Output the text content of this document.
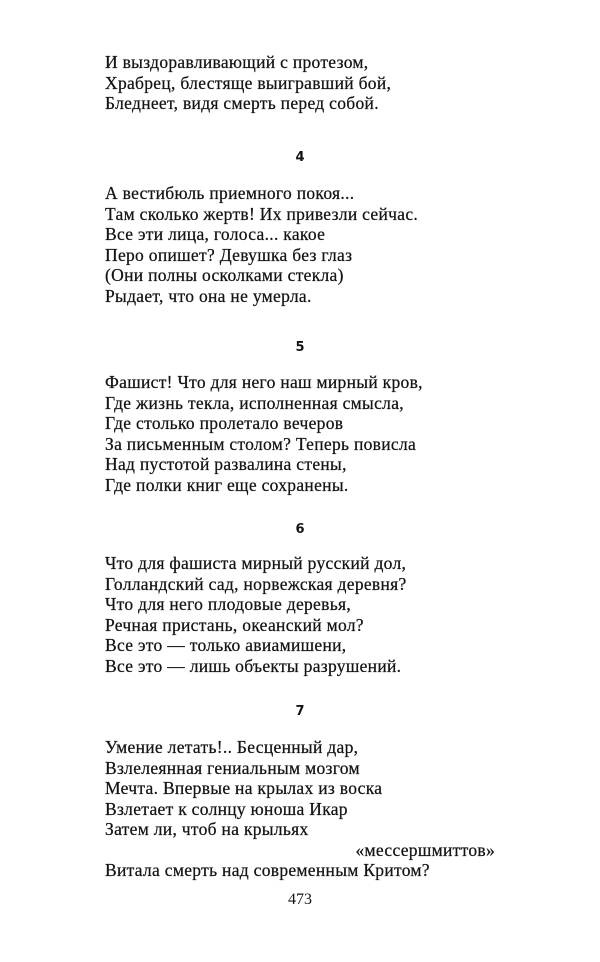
И выздоравливающий с протезом,
Храбрец, блестяще выигравший бой,
Бледнеет, видя смерть перед собой.
4
А вестибюль приемного покоя...
Там сколько жертв! Их привезли сейчас.
Все эти лица, голоса... какое
Перо опишет? Девушка без глаз
(Они полны осколками стекла)
Рыдает, что она не умерла.
5
Фашист! Что для него наш мирный кров,
Где жизнь текла, исполненная смысла,
Где столько пролетало вечеров
За письменным столом? Теперь повисла
Над пустотой развалина стены,
Где полки книг еще сохранены.
6
Что для фашиста мирный русский дол,
Голландский сад, норвежская деревня?
Что для него плодовые деревья,
Речная пристань, океанский мол?
Все это — только авиамишени,
Все это — лишь объекты разрушений.
7
Умение летать!.. Бесценный дар,
Взлелеянная гениальным мозгом
Мечта. Впервые на крылах из воска
Взлетает к солнцу юноша Икар
Затем ли, чтоб на крыльях
«мессершмиттов»
Витала смерть над современным Критом?
473
